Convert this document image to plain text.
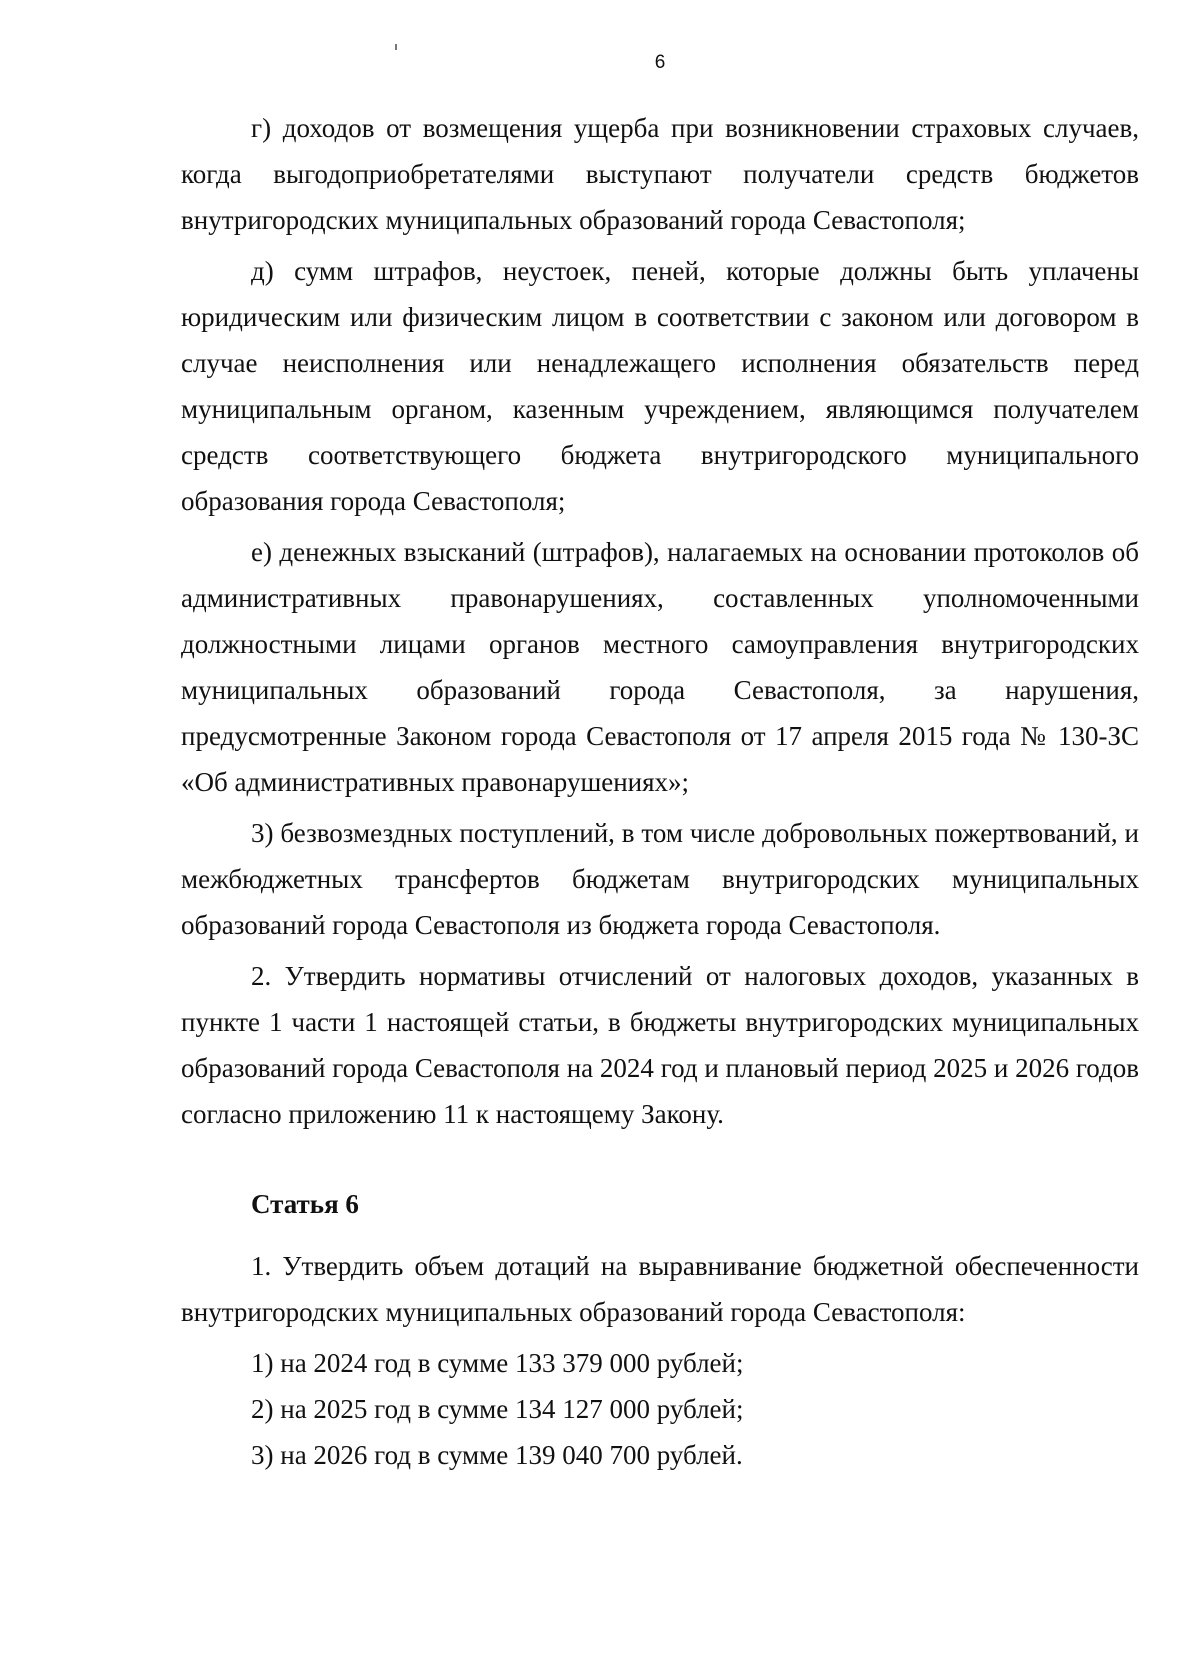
6

г) доходов от возмещения ущерба при возникновении страховых случаев, когда выгодоприобретателями выступают получатели средств бюджетов внутригородских муниципальных образований города Севастополя;

д) сумм штрафов, неустоек, пеней, которые должны быть уплачены юридическим или физическим лицом в соответствии с законом или договором в случае неисполнения или ненадлежащего исполнения обязательств перед муниципальным органом, казенным учреждением, являющимся получателем средств соответствующего бюджета внутригородского муниципального образования города Севастополя;

е) денежных взысканий (штрафов), налагаемых на основании протоколов об административных правонарушениях, составленных уполномоченными должностными лицами органов местного самоуправления внутригородских муниципальных образований города Севастополя, за нарушения, предусмотренные Законом города Севастополя от 17 апреля 2015 года № 130-ЗС «Об административных правонарушениях»;

3) безвозмездных поступлений, в том числе добровольных пожертвований, и межбюджетных трансфертов бюджетам внутригородских муниципальных образований города Севастополя из бюджета города Севастополя.

2. Утвердить нормативы отчислений от налоговых доходов, указанных в пункте 1 части 1 настоящей статьи, в бюджеты внутригородских муниципальных образований города Севастополя на 2024 год и плановый период 2025 и 2026 годов согласно приложению 11 к настоящему Закону.

Статья 6

1. Утвердить объем дотаций на выравнивание бюджетной обеспеченности внутригородских муниципальных образований города Севастополя:

1) на 2024 год в сумме 133 379 000 рублей;

2) на 2025 год в сумме 134 127 000 рублей;

3) на 2026 год в сумме 139 040 700 рублей.
